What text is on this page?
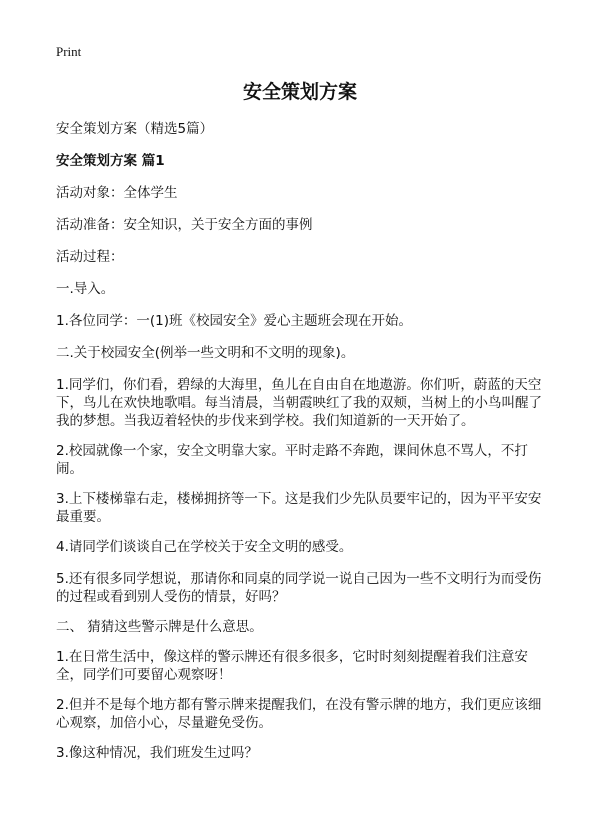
Print
安全策划方案
安全策划方案（精选5篇）
安全策划方案 篇1

活动对象：全体学生

活动准备：安全知识，关于安全方面的事例

活动过程：

一.导入。

1.各位同学：一(1)班《校园安全》爱心主题班会现在开始。

二.关于校园安全(例举一些文明和不文明的现象)。

1.同学们，你们看，碧绿的大海里，鱼儿在自由自在地遨游。你们听，蔚蓝的天空下，鸟儿在欢快地歌唱。每当清晨，当朝霞映红了我的双颊，当树上的小鸟叫醒了我的梦想。当我迈着轻快的步伐来到学校。我们知道新的一天开始了。

2.校园就像一个家，安全文明靠大家。平时走路不奔跑，课间休息不骂人，不打闹。

3.上下楼梯靠右走，楼梯拥挤等一下。这是我们少先队员要牢记的，因为平平安安最重要。

4.请同学们谈谈自己在学校关于安全文明的感受。

5.还有很多同学想说，那请你和同桌的同学说一说自己因为一些不文明行为而受伤的过程或看到别人受伤的情景，好吗？

二、 猜猜这些警示牌是什么意思。

1.在日常生活中，像这样的警示牌还有很多很多，它时时刻刻提醒着我们注意安全，同学们可要留心观察呀！

2.但并不是每个地方都有警示牌来提醒我们，在没有警示牌的地方，我们更应该细心观察，加倍小心，尽量避免受伤。

3.像这种情况，我们班发生过吗？
